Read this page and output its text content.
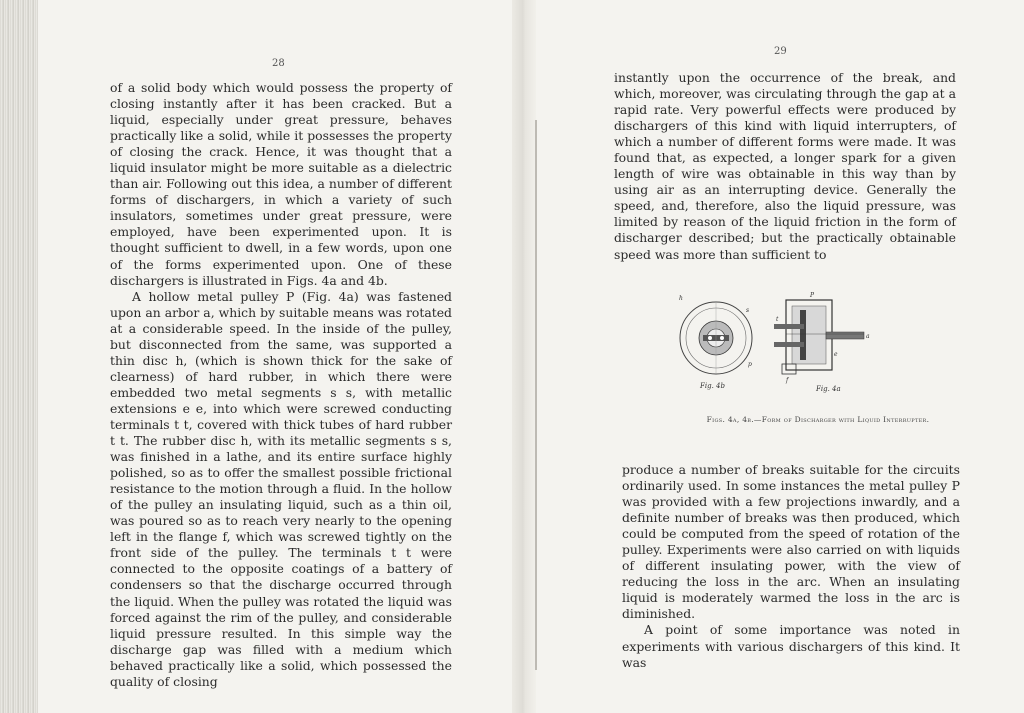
28

of a solid body which would possess the property of closing instantly after it has been cracked. But a liquid, especially under great pressure, behaves practically like a solid, while it possesses the property of closing the crack. Hence, it was thought that a liquid insulator might be more suitable as a dielectric than air. Following out this idea, a number of different forms of dischargers, in which a variety of such insulators, sometimes under great pressure, were employed, have been experimented upon. It is thought sufficient to dwell, in a few words, upon one of the forms experimented upon. One of these dischargers is illustrated in Figs. 4a and 4b.

A hollow metal pulley P (Fig. 4a) was fastened upon an arbor a, which by suitable means was rotated at a considerable speed. In the inside of the pulley, but disconnected from the same, was supported a thin disc h, (which is shown thick for the sake of clearness) of hard rubber, in which there were embedded two metal segments s s, with metallic extensions e e, into which were screwed conducting terminals t t, covered with thick tubes of hard rubber t t. The rubber disc h, with its metallic segments s s, was finished in a lathe, and its entire surface highly polished, so as to offer the smallest possible frictional resistance to the motion through a fluid. In the hollow of the pulley an insulating liquid, such as a thin oil, was poured so as to reach very nearly to the opening left in the flange f, which was screwed tightly on the front side of the pulley. The terminals t t were connected to the opposite coatings of a battery of condensers so that the discharge occurred through the liquid. When the pulley was rotated the liquid was forced against the rim of the pulley, and considerable liquid pressure resulted. In this simple way the discharge gap was filled with a medium which behaved practically like a solid, which possessed the quality of closing

29

instantly upon the occurrence of the break, and which, moreover, was circulating through the gap at a rapid rate. Very powerful effects were produced by dischargers of this kind with liquid interrupters, of which a number of different forms were made. It was found that, as expected, a longer spark for a given length of wire was obtainable in this way than by using air as an interrupting device. Generally the speed, and, therefore, also the liquid pressure, was limited by reason of the liquid friction in the form of discharger described; but the practically obtainable speed was more than sufficient to

h
s
p
Fig. 4b
P
a
t
f
e
Fig. 4a
Figs. 4a, 4b.—Form of Discharger with Liquid Interrupter.

produce a number of breaks suitable for the circuits ordinarily used. In some instances the metal pulley P was provided with a few projections inwardly, and a definite number of breaks was then produced, which could be computed from the speed of rotation of the pulley. Experiments were also carried on with liquids of different insulating power, with the view of reducing the loss in the arc. When an insulating liquid is moderately warmed the loss in the arc is diminished.

A point of some importance was noted in experiments with various dischargers of this kind. It was
